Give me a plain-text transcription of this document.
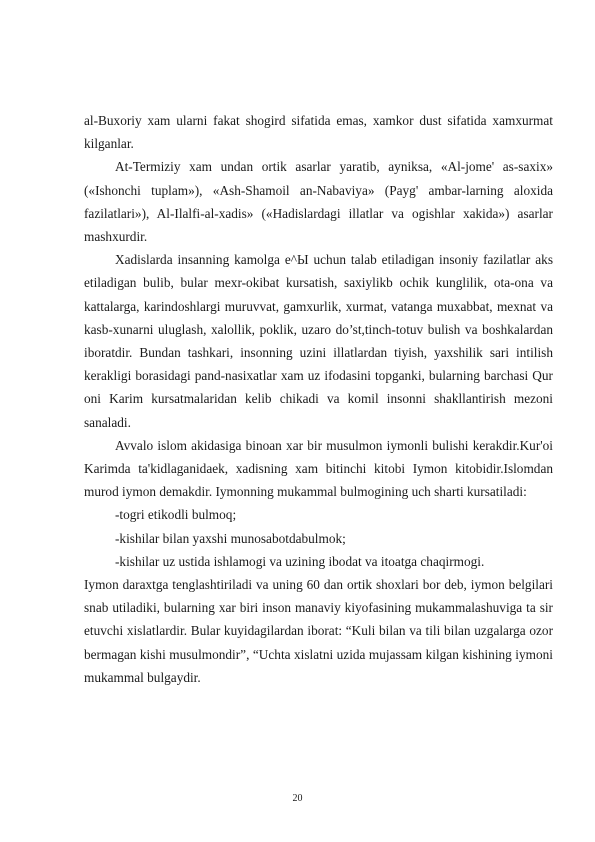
al-Buxoriy xam ularni fakat shogird sifatida emas, xamkor dust sifatida xamxurmat kilganlar.

At-Termiziy xam undan ortik asarlar yaratib, ayniksa, «Al-jome' as-saxix» («Ishonchi tuplam»), «Ash-Shamoil an-Nabaviya» (Payg' ambar-larning aloxida fazilatlari»), Al-Ilalfi-al-xadis» («Hadislardagi illatlar va ogishlar xakida») asarlar mashxurdir.

Xadislarda insanning kamolga e^Ы uchun talab etiladigan insoniy fazilatlar aks etiladigan bulib, bular mexr-okibat kursatish, saxiylikb ochik kunglilik, ota-ona va kattalarga, karindoshlargi muruvvat, gamxurlik, xurmat, vatanga muxabbat, mexnat va kasb-xunarni uluglash, xalollik, poklik, uzaro do’st,tinch-totuv bulish va boshkalardan iboratdir. Bundan tashkari, insonning uzini illatlardan tiyish, yaxshilik sari intilish kerakligi borasidagi pand-nasixatlar xam uz ifodasini topganki, bularning barchasi Qur oni Karim kursatmalaridan kelib chikadi va komil insonni shakllantirish mezoni sanaladi.

Avvalo islom akidasiga binoan xar bir musulmon iymonli bulishi kerakdir.Kur'oi Karimda ta'kidlaganidaek, xadisning xam bitinchi kitobi Iymon kitobidir.Islomdan murod iymon demakdir. Iymonning mukammal bulmogining uch sharti kursatiladi:

-togri etikodli bulmoq;

-kishilar bilan yaxshi munosabotdabulmok;

-kishilar uz ustida ishlamogi va uzining ibodat va itoatga chaqirmogi.

Iymon daraxtga tenglashtiriladi va uning 60 dan ortik shoxlari bor deb, iymon belgilari snab utiladiki, bularning xar biri inson manaviy kiyofasining mukammalashuviga ta sir etuvchi xislatlardir. Bular kuyidagilardan iborat: “Kuli bilan va tili bilan uzgalarga ozor bermagan kishi musulmondir”, “Uchta xislatni uzida mujassam kilgan kishining iymoni mukammal bulgaydir.

20
